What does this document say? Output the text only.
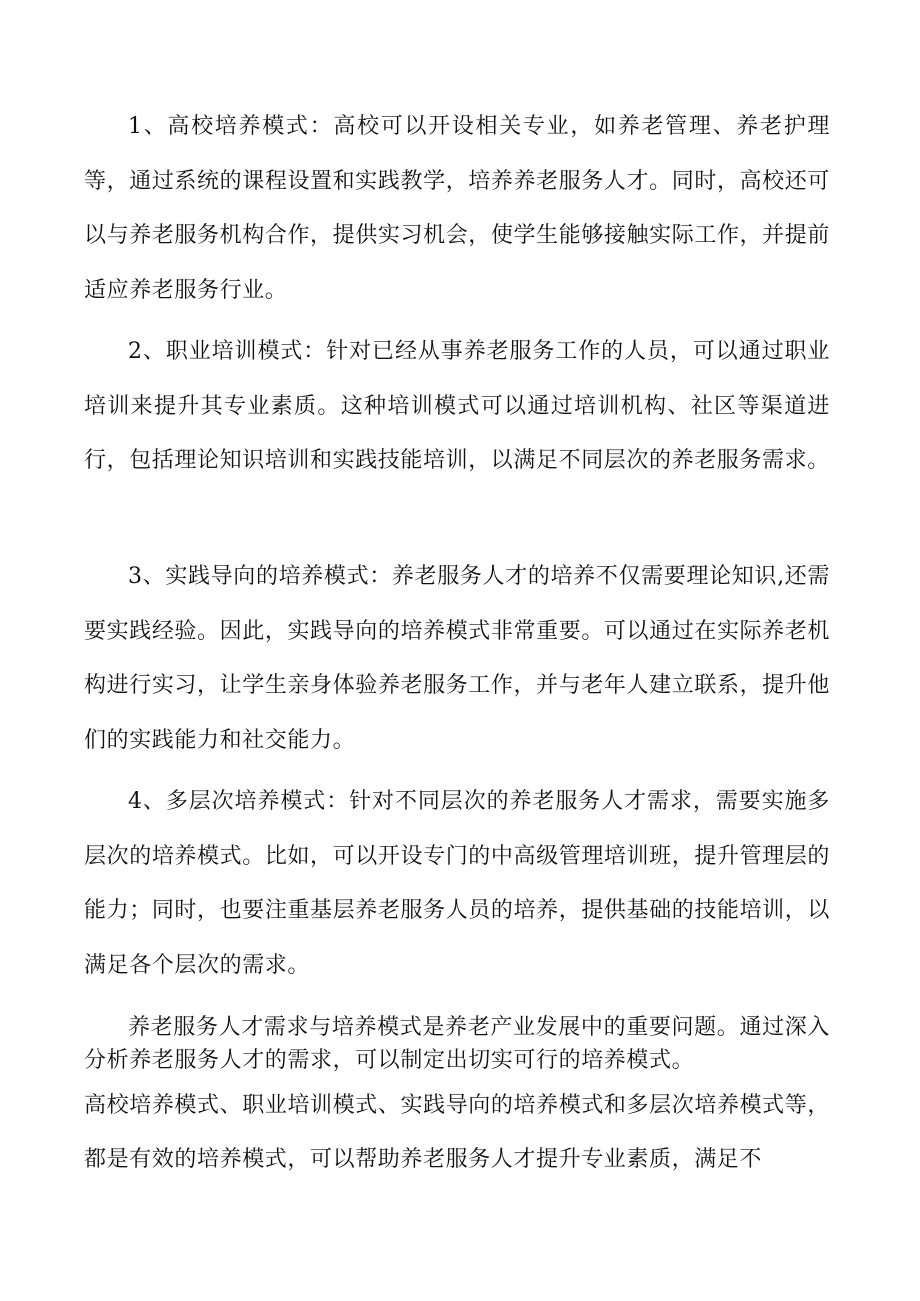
1、高校培养模式：高校可以开设相关专业，如养老管理、养老护理等，通过系统的课程设置和实践教学，培养养老服务人才。同时，高校还可以与养老服务机构合作，提供实习机会，使学生能够接触实际工作，并提前适应养老服务行业。

2、职业培训模式：针对已经从事养老服务工作的人员，可以通过职业培训来提升其专业素质。这种培训模式可以通过培训机构、社区等渠道进行，包括理论知识培训和实践技能培训，以满足不同层次的养老服务需求。

3、实践导向的培养模式：养老服务人才的培养不仅需要理论知识,还需要实践经验。因此，实践导向的培养模式非常重要。可以通过在实际养老机构进行实习，让学生亲身体验养老服务工作，并与老年人建立联系，提升他们的实践能力和社交能力。

4、多层次培养模式：针对不同层次的养老服务人才需求，需要实施多层次的培养模式。比如，可以开设专门的中高级管理培训班，提升管理层的能力；同时，也要注重基层养老服务人员的培养，提供基础的技能培训，以满足各个层次的需求。

养老服务人才需求与培养模式是养老产业发展中的重要问题。通过深入分析养老服务人才的需求，可以制定出切实可行的培养模式。

高校培养模式、职业培训模式、实践导向的培养模式和多层次培养模式等，都是有效的培养模式，可以帮助养老服务人才提升专业素质，满足不
